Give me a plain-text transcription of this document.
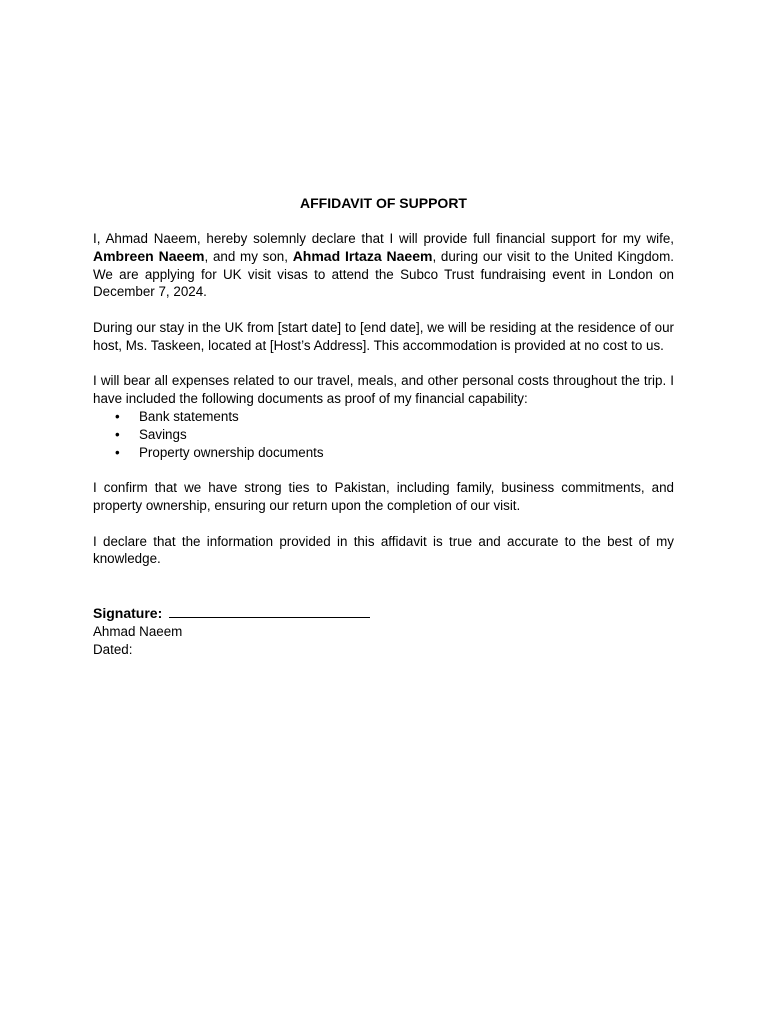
AFFIDAVIT OF SUPPORT

I, Ahmad Naeem, hereby solemnly declare that I will provide full financial support for my wife, Ambreen Naeem, and my son, Ahmad Irtaza Naeem, during our visit to the United Kingdom. We are applying for UK visit visas to attend the Subco Trust fundraising event in London on December 7, 2024.

During our stay in the UK from [start date] to [end date], we will be residing at the residence of our host, Ms. Taskeen, located at [Host’s Address]. This accommodation is provided at no cost to us.

I will bear all expenses related to our travel, meals, and other personal costs throughout the trip. I have included the following documents as proof of my financial capability:

• Bank statements
• Savings
• Property ownership documents

I confirm that we have strong ties to Pakistan, including family, business commitments, and property ownership, ensuring our return upon the completion of our visit.

I declare that the information provided in this affidavit is true and accurate to the best of my knowledge.

Signature:
Ahmad Naeem
Dated:
